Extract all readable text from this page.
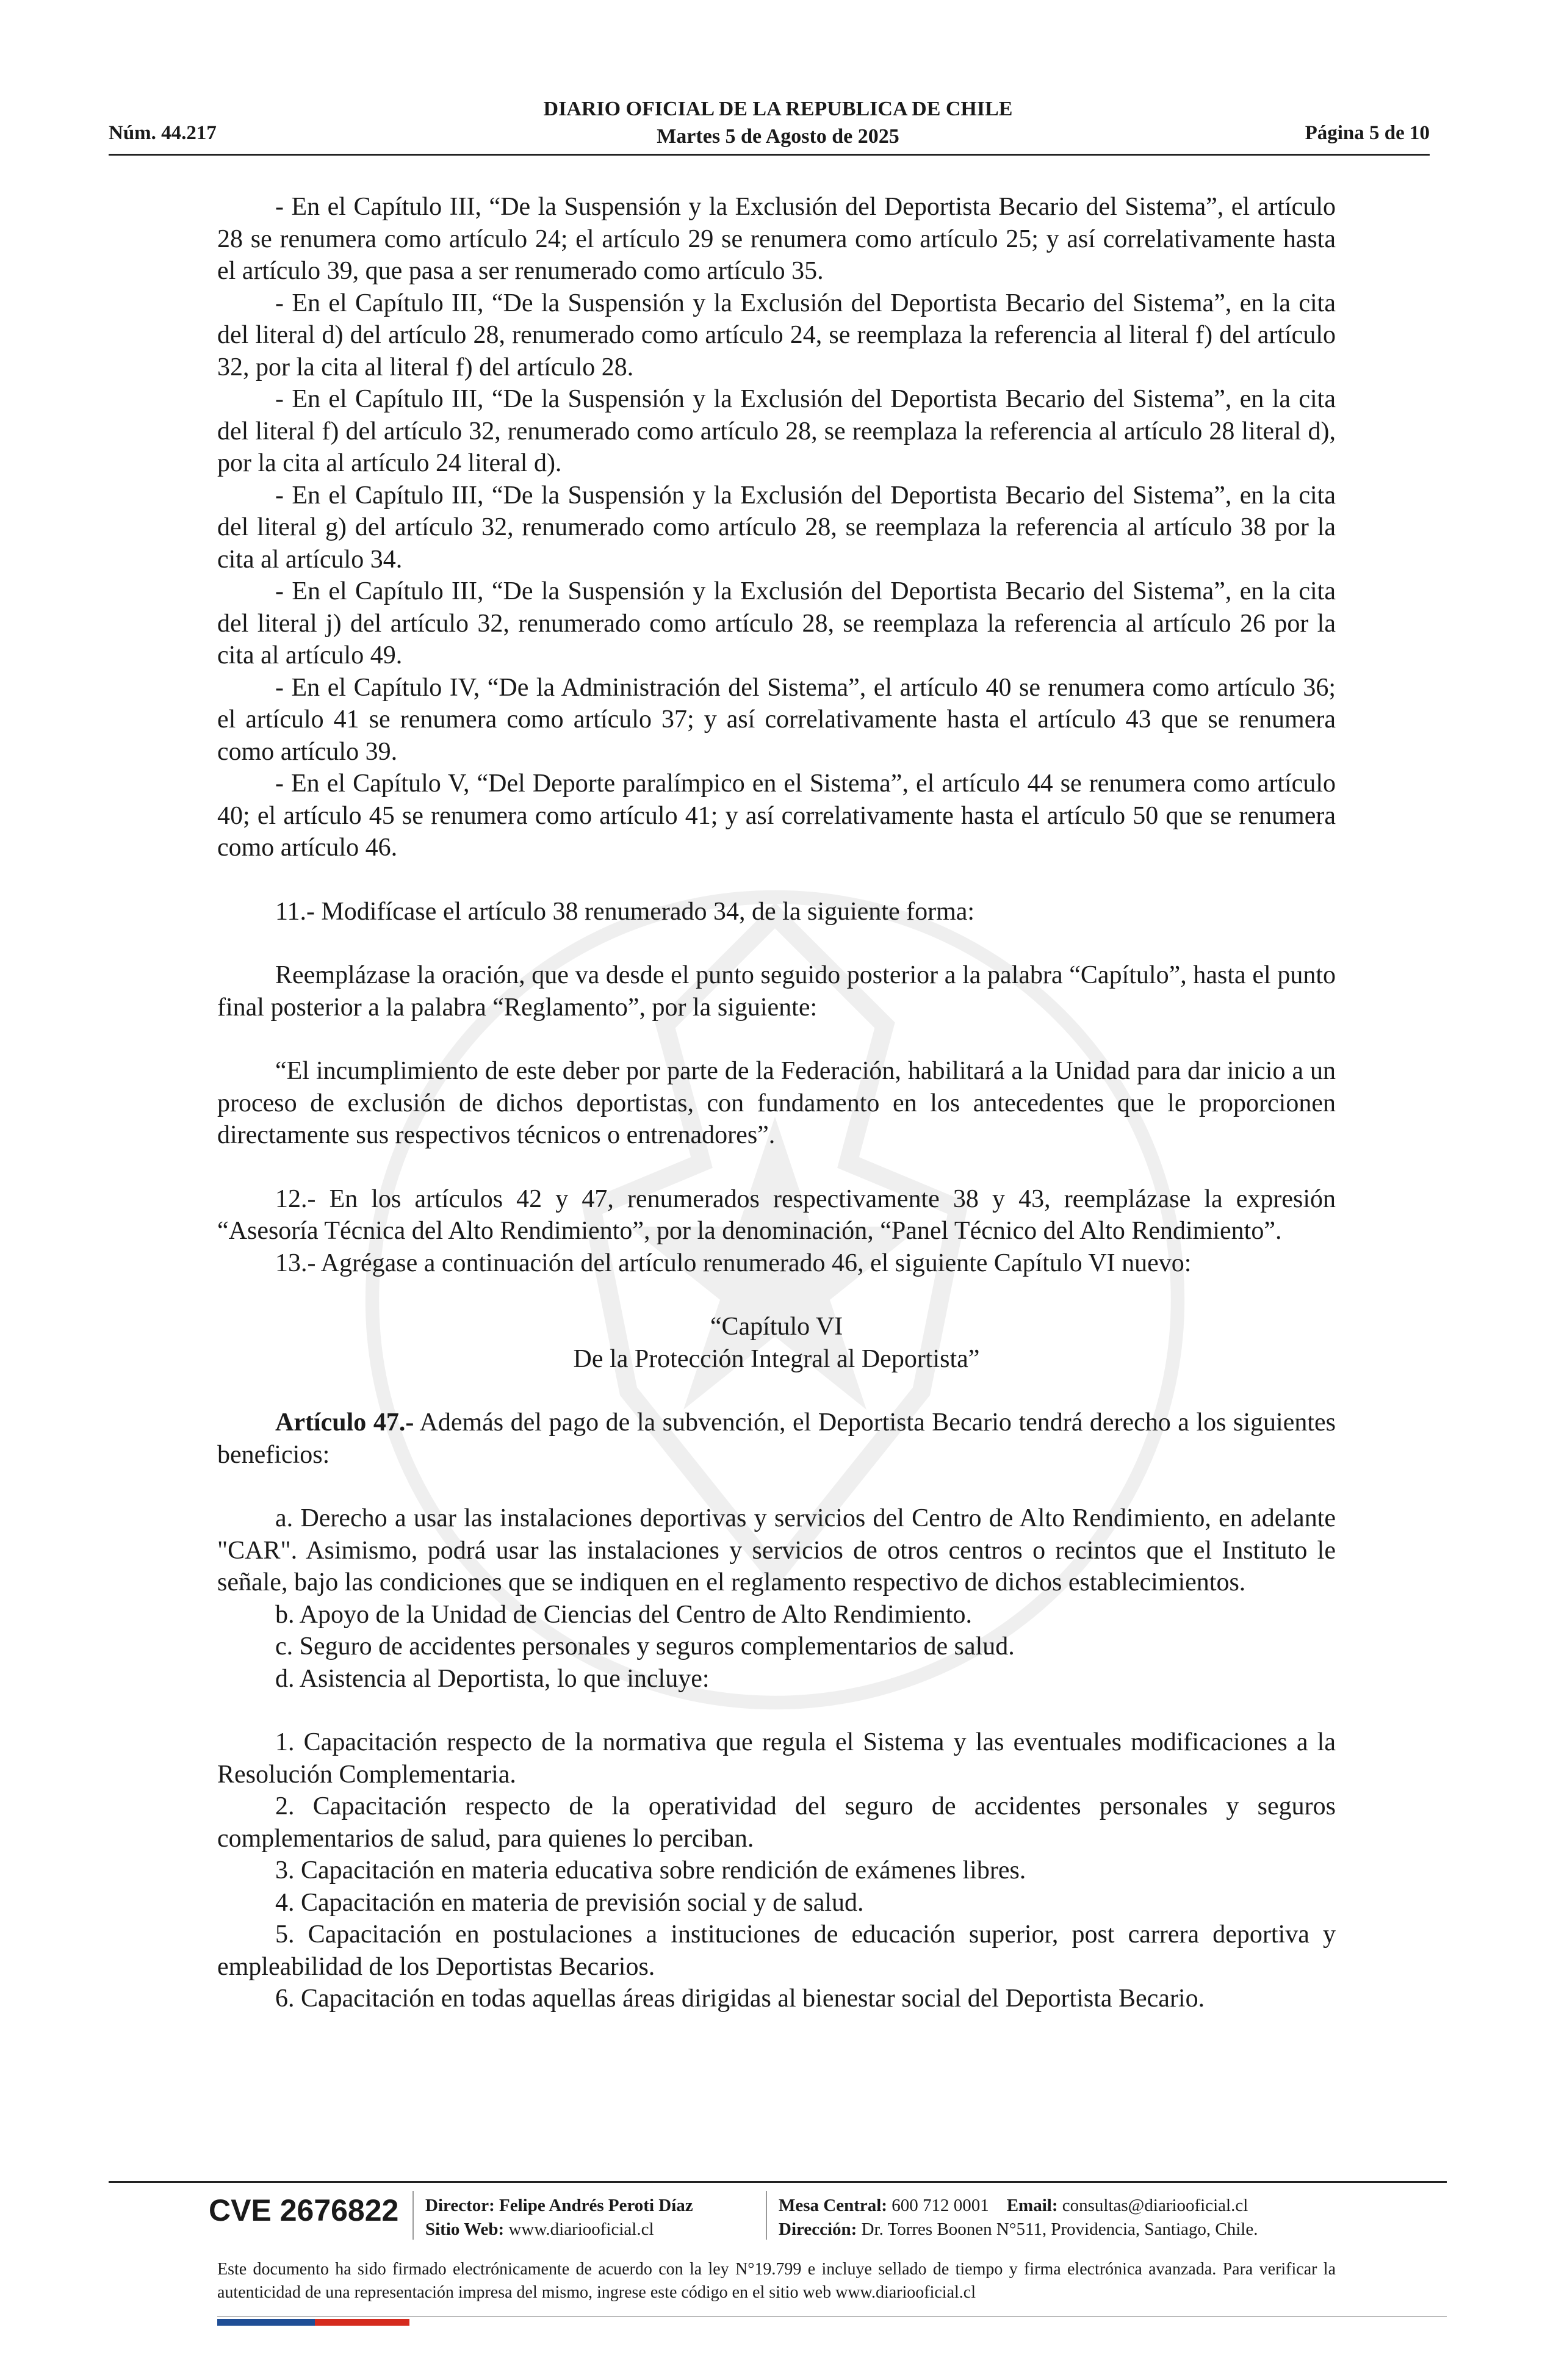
Núm. 44.217
DIARIO OFICIAL DE LA REPUBLICA DE CHILE
Martes 5 de Agosto de 2025	Página 5 de 10

- En el Capítulo III, “De la Suspensión y la Exclusión del Deportista Becario del Sistema”, el artículo 28 se renumera como artículo 24; el artículo 29 se renumera como artículo 25; y así correlativamente hasta el artículo 39, que pasa a ser renumerado como artículo 35.

- En el Capítulo III, “De la Suspensión y la Exclusión del Deportista Becario del Sistema”, en la cita del literal d) del artículo 28, renumerado como artículo 24, se reemplaza la referencia al literal f) del artículo 32, por la cita al literal f) del artículo 28.

- En el Capítulo III, “De la Suspensión y la Exclusión del Deportista Becario del Sistema”, en la cita del literal f) del artículo 32, renumerado como artículo 28, se reemplaza la referencia al artículo 28 literal d), por la cita al artículo 24 literal d).

- En el Capítulo III, “De la Suspensión y la Exclusión del Deportista Becario del Sistema”, en la cita del literal g) del artículo 32, renumerado como artículo 28, se reemplaza la referencia al artículo 38 por la cita al artículo 34.

- En el Capítulo III, “De la Suspensión y la Exclusión del Deportista Becario del Sistema”, en la cita del literal j) del artículo 32, renumerado como artículo 28, se reemplaza la referencia al artículo 26 por la cita al artículo 49.

- En el Capítulo IV, “De la Administración del Sistema”, el artículo 40 se renumera como artículo 36; el artículo 41 se renumera como artículo 37; y así correlativamente hasta el artículo 43 que se renumera como artículo 39.

- En el Capítulo V, “Del Deporte paralímpico en el Sistema”, el artículo 44 se renumera como artículo 40; el artículo 45 se renumera como artículo 41; y así correlativamente hasta el artículo 50 que se renumera como artículo 46.

11.- Modifícase el artículo 38 renumerado 34, de la siguiente forma:

Reemplázase la oración, que va desde el punto seguido posterior a la palabra “Capítulo”, hasta el punto final posterior a la palabra “Reglamento”, por la siguiente:

“El incumplimiento de este deber por parte de la Federación, habilitará a la Unidad para dar inicio a un proceso de exclusión de dichos deportistas, con fundamento en los antecedentes que le proporcionen directamente sus respectivos técnicos o entrenadores”.

12.- En los artículos 42 y 47, renumerados respectivamente 38 y 43, reemplázase la expresión “Asesoría Técnica del Alto Rendimiento”, por la denominación, “Panel Técnico del Alto Rendimiento”.

13.- Agrégase a continuación del artículo renumerado 46, el siguiente Capítulo VI nuevo:

“Capítulo VI

De la Protección Integral al Deportista”

Artículo 47.- Además del pago de la subvención, el Deportista Becario tendrá derecho a los siguientes beneficios:

a. Derecho a usar las instalaciones deportivas y servicios del Centro de Alto Rendimiento, en adelante "CAR". Asimismo, podrá usar las instalaciones y servicios de otros centros o recintos que el Instituto le señale, bajo las condiciones que se indiquen en el reglamento respectivo de dichos establecimientos.

b. Apoyo de la Unidad de Ciencias del Centro de Alto Rendimiento.

c. Seguro de accidentes personales y seguros complementarios de salud.

d. Asistencia al Deportista, lo que incluye:

1. Capacitación respecto de la normativa que regula el Sistema y las eventuales modificaciones a la Resolución Complementaria.

2. Capacitación respecto de la operatividad del seguro de accidentes personales y seguros complementarios de salud, para quienes lo perciban.

3. Capacitación en materia educativa sobre rendición de exámenes libres.

4. Capacitación en materia de previsión social y de salud.

5. Capacitación en postulaciones a instituciones de educación superior, post carrera deportiva y empleabilidad de los Deportistas Becarios.

6. Capacitación en todas aquellas áreas dirigidas al bienestar social del Deportista Becario.

CVE 2676822 Director: Felipe Andrés Peroti Díaz
Sitio Web: www.diariooficial.cl
Mesa Central: 600 712 0001 Email: consultas@diariooficial.cl
Dirección: Dr. Torres Boonen N°511, Providencia, Santiago, Chile.
Este documento ha sido firmado electrónicamente de acuerdo con la ley N°19.799 e incluye sellado de tiempo y firma electrónica avanzada. Para verificar la autenticidad de una representación impresa del mismo, ingrese este código en el sitio web www.diariooficial.cl
